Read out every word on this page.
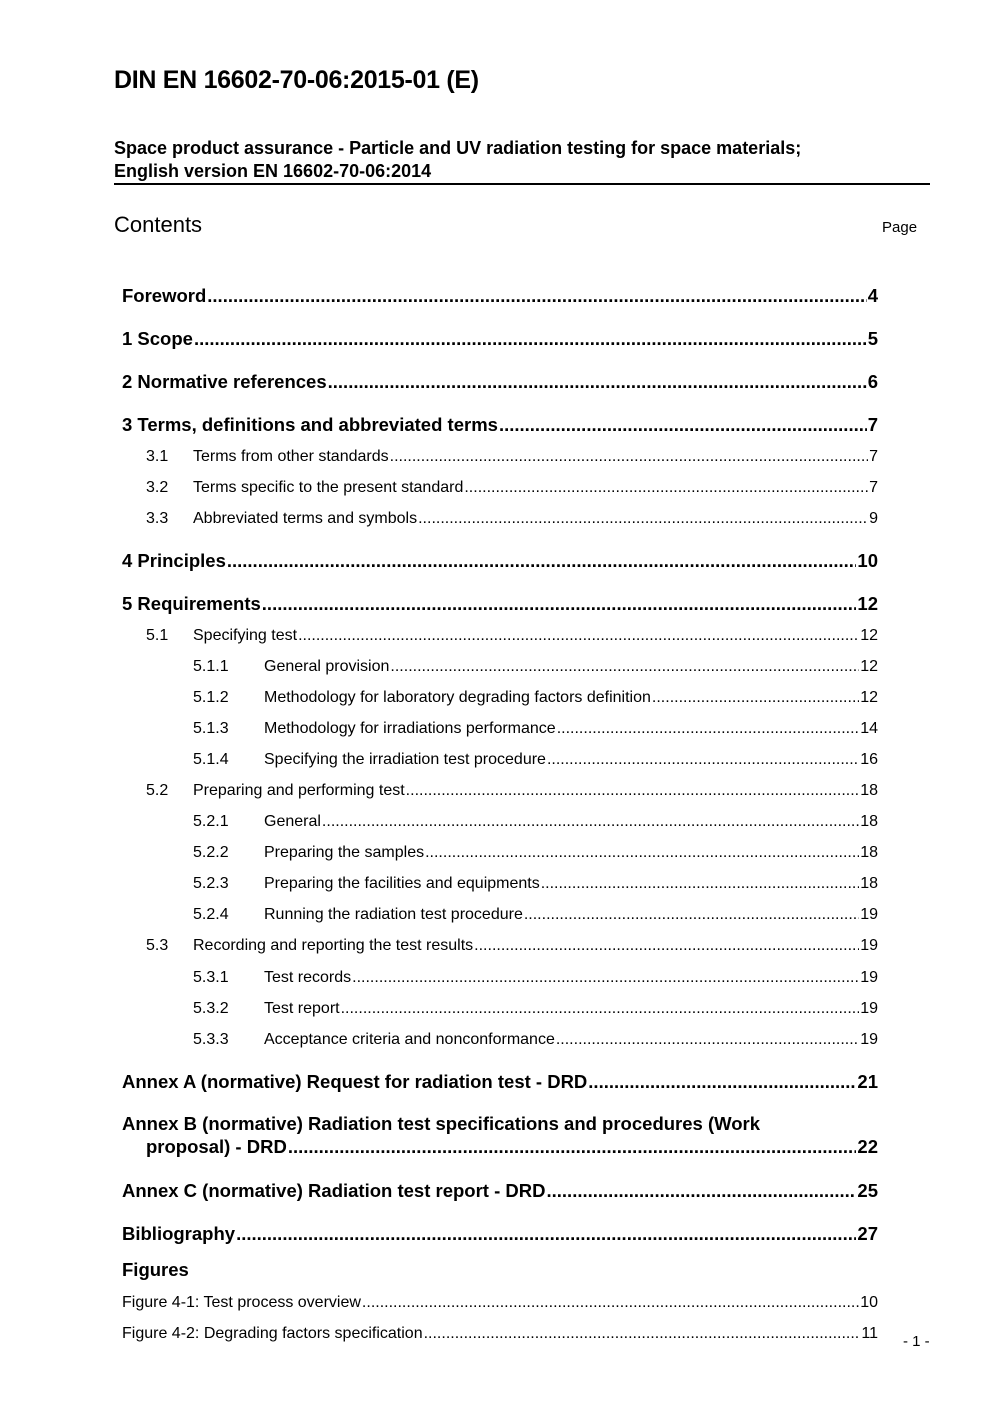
DIN EN 16602-70-06:2015-01 (E)
Space product assurance - Particle and UV radiation testing for space materials;
English version EN 16602-70-06:2014
Contents	Page
Foreword .....	4
1 Scope .....	5
2 Normative references .....	6
3 Terms, definitions and abbreviated terms .....	7
3.1	Terms from other standards .....	7
3.2	Terms specific to the present standard .....	7
3.3	Abbreviated terms and symbols .....	9
4 Principles .....	10
5 Requirements .....	12
5.1	Specifying test .....	12
5.1.1	General provision .....	12
5.1.2	Methodology for laboratory degrading factors definition .....	12
5.1.3	Methodology for irradiations performance .....	14
5.1.4	Specifying the irradiation test procedure .....	16
5.2	Preparing and performing test .....	18
5.2.1	General .....	18
5.2.2	Preparing the samples .....	18
5.2.3	Preparing the facilities and equipments .....	18
5.2.4	Running the radiation test procedure .....	19
5.3	Recording and reporting the test results .....	19
5.3.1	Test records .....	19
5.3.2	Test report .....	19
5.3.3	Acceptance criteria and nonconformance .....	19
Annex A (normative) Request for radiation test - DRD .....	21
Annex B (normative) Radiation test specifications and procedures (Work
proposal) - DRD .....	22
Annex C (normative) Radiation test report - DRD .....	25
Bibliography .....	27
Figures
Figure 4-1: Test process overview .....	10
Figure 4-2: Degrading factors specification .....	11 - 1 -
